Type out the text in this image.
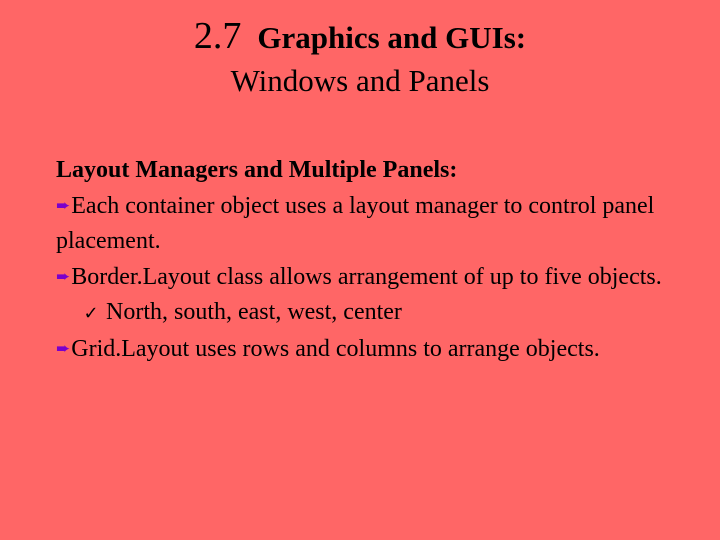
2.7 Graphics and GUIs:
Windows and Panels
Layout Managers and Multiple Panels:

➨Each container object uses a layout manager to control panel placement.

➨Border.Layout class allows arrangement of up to five objects.

✓ North, south, east, west, center

➨Grid.Layout uses rows and columns to arrange objects.
